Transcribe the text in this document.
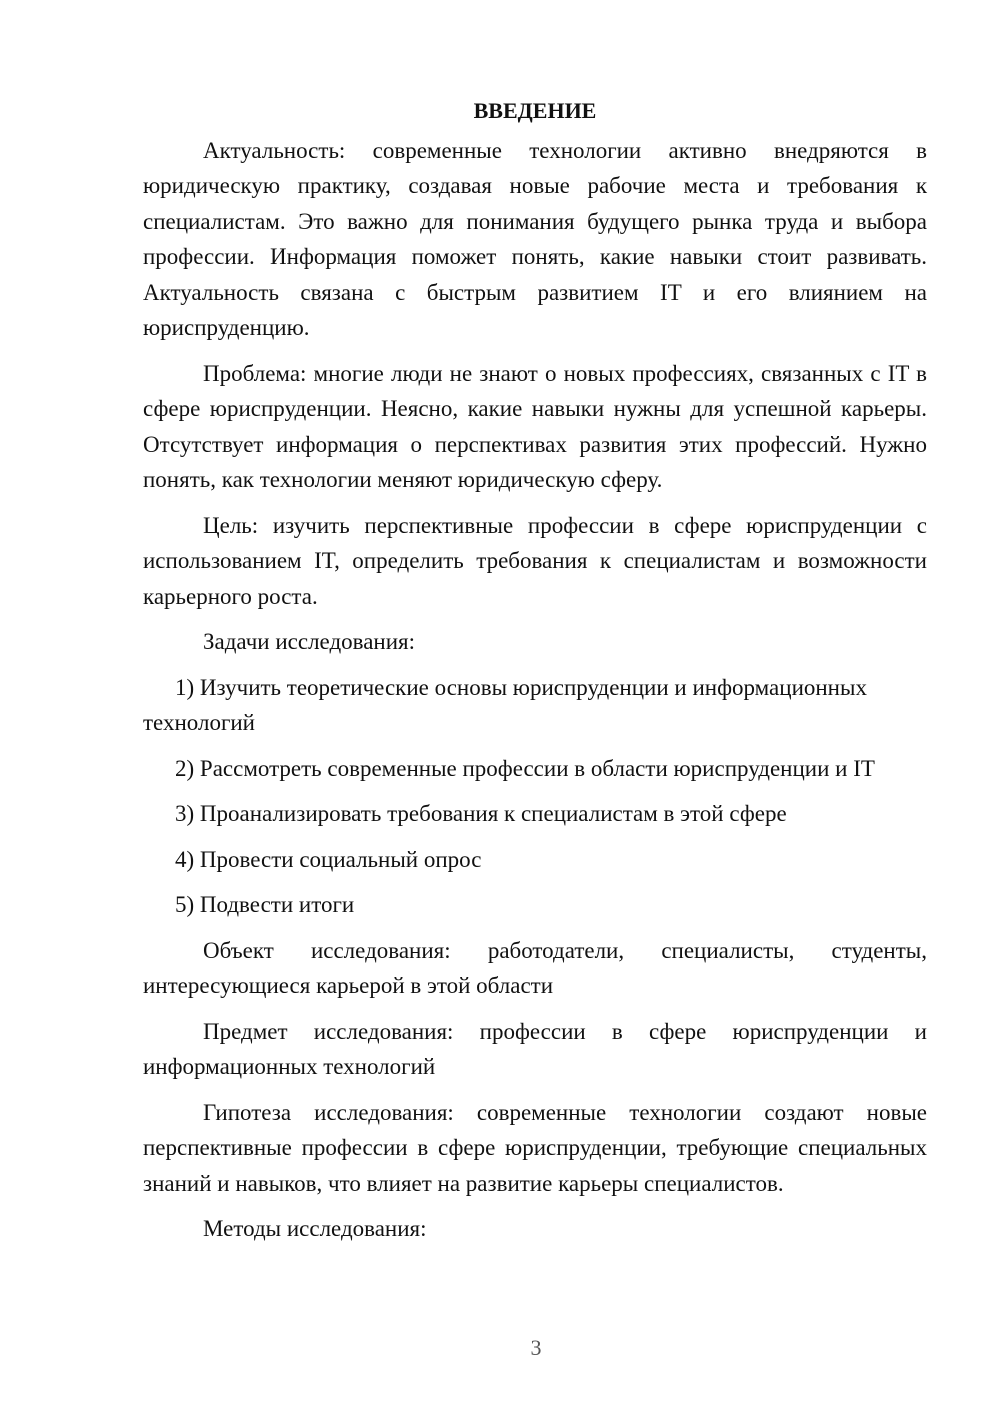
ВВЕДЕНИЕ

Актуальность: современные технологии активно внедряются в юридическую практику, создавая новые рабочие места и требования к специалистам. Это важно для понимания будущего рынка труда и выбора профессии. Информация поможет понять, какие навыки стоит развивать. Актуальность связана с быстрым развитием IT и его влиянием на юриспруденцию.

Проблема: многие люди не знают о новых профессиях, связанных с IT в сфере юриспруденции. Неясно, какие навыки нужны для успешной карьеры. Отсутствует информация о перспективах развития этих профессий. Нужно понять, как технологии меняют юридическую сферу.

Цель: изучить перспективные профессии в сфере юриспруденции с использованием IT, определить требования к специалистам и возможности карьерного роста.

Задачи исследования:

1) Изучить теоретические основы юриспруденции и информационных технологий

2) Рассмотреть современные профессии в области юриспруденции и IT

3) Проанализировать требования к специалистам в этой сфере

4) Провести социальный опрос

5) Подвести итоги

Объект исследования: работодатели, специалисты, студенты, интересующиеся карьерой в этой области

Предмет исследования: профессии в сфере юриспруденции и информационных технологий

Гипотеза исследования: современные технологии создают новые перспективные профессии в сфере юриспруденции, требующие специальных знаний и навыков, что влияет на развитие карьеры специалистов.

Методы исследования:

3
